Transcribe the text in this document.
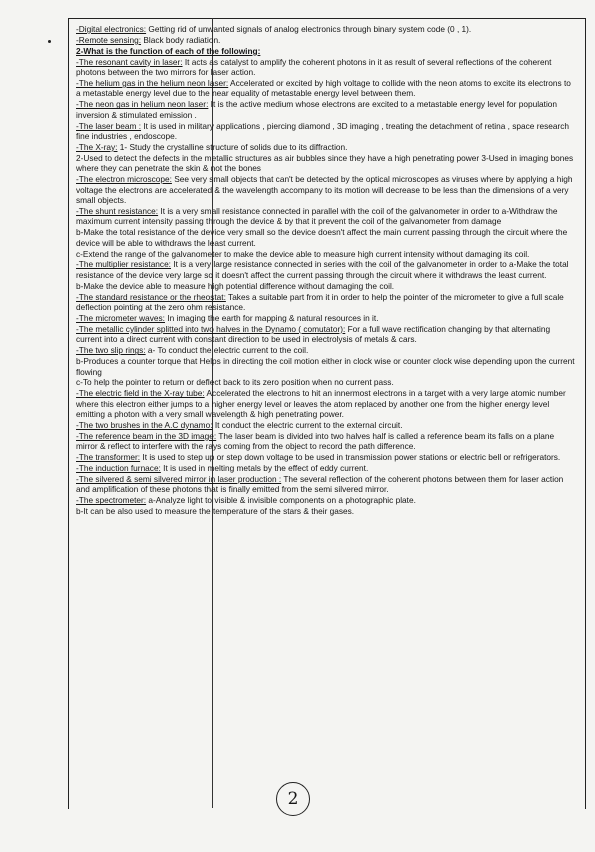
-Digital electronics: Getting rid of unwanted signals of analog electronics through binary system code (0 , 1).

-Remote sensing: Black body radiation.

2-What is the function of each of the following:

-The resonant cavity in laser: It acts as catalyst to amplify the coherent photons in it as result of several reflections of the coherent photons between the two mirrors for laser action.

-The helium gas in the helium neon laser: Accelerated or excited by high voltage to collide with the neon atoms to excite its electrons to a metastable energy level due to the near equality of metastable energy level between them.

-The neon gas in helium neon laser: It is the active medium whose electrons are excited to a metastable energy level for population inversion & stimulated emission .

-The laser beam : It is used in military applications , piercing diamond , 3D imaging , treating the detachment of retina , space research fine industries , endoscope.

-The X-ray: 1- Study the crystalline structure of solids due to its diffraction.

2-Used to detect the defects in the metallic structures as air bubbles since they have a high penetrating power 3-Used in imaging bones where they can penetrate the skin & not the bones

-The electron microscope: See very small objects that can't be detected by the optical microscopes as viruses where by applying a high voltage the electrons are accelerated & the wavelength accompany to its motion will decrease to be less than the dimensions of a very small objects.

-The shunt resistance: It is a very small resistance connected in parallel with the coil of the galvanometer in order to a-Withdraw the maximum current intensity passing through the device & by that it prevent the coil of the galvanometer from damage

b-Make the total resistance of the device very small so the device doesn't affect the main current passing through the circuit where the device will be able to withdraws the least current.

c-Extend the range of the galvanometer to make the device able to measure high current intensity without damaging its coil.

-The multiplier resistance: It is a very large resistance connected in series with the coil of the galvanometer in order to a-Make the total resistance of the device very large so it doesn't affect the current passing through the circuit where it withdraws the least current.

b-Make the device able to measure high potential difference without damaging the coil.

-The standard resistance or the rheostat: Takes a suitable part from it in order to help the pointer of the micrometer to give a full scale deflection pointing at the zero ohm resistance.

-The micrometer waves: In imaging the earth for mapping & natural resources in it.

-The metallic cylinder splitted into two halves in the Dynamo ( comutator): For a full wave rectification changing by that alternating current into a direct current with constant direction to be used in electrolysis of metals & cars.

-The two slip rings: a- To conduct the electric current to the coil.

b-Produces a counter torque that Helps in directing the coil motion either in clock wise or counter clock wise depending upon the current flowing

c-To help the pointer to return or deflect back to its zero position when no current pass.

-The electric field in the X-ray tube: Accelerated the electrons to hit an innermost electrons in a target with a very large atomic number where this electron either jumps to a higher energy level or leaves the atom replaced by another one from the higher energy level emitting a photon with a very small wavelength & high penetrating power.

-The two brushes in the A.C dynamo: It conduct the electric current to the external circuit.

-The reference beam in the 3D image: The laser beam is divided into two halves half is called a reference beam its falls on a plane mirror & reflect to interfere with the rays coming from the object to record the path difference.

-The transformer: It is used to step up or step down voltage to be used in transmission power stations or electric bell or refrigerators.

-The induction furnace: It is used in melting metals by the effect of eddy current.

-The silvered & semi silvered mirror in laser production : The several reflection of the coherent photons between them for laser action and amplification of these photons that is finally emitted from the semi silvered mirror.

-The spectrometer: a-Analyze light to visible & invisible components on a photographic plate.

b-It can be also used to measure the temperature of the stars & their gases.

2
